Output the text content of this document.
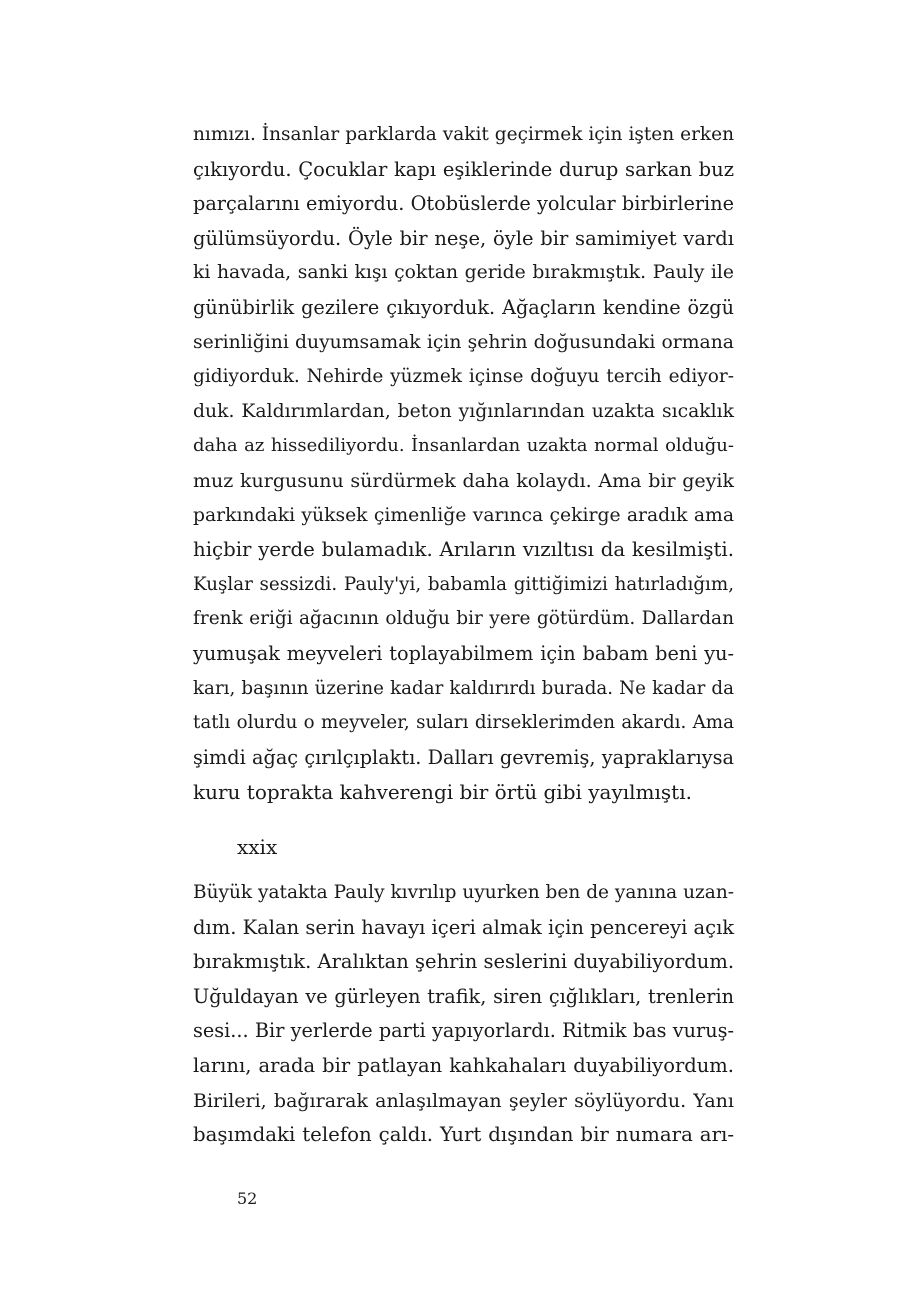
nımızı. İnsanlar parklarda vakit geçirmek için işten erken
çıkıyordu. Çocuklar kapı eşiklerinde durup sarkan buz
parçalarını emiyordu. Otobüslerde yolcular birbirlerine
gülümsüyordu. Öyle bir neşe, öyle bir samimiyet vardı
ki havada, sanki kışı çoktan geride bırakmıştık. Pauly ile
günübirlik gezilere çıkıyorduk. Ağaçların kendine özgü
serinliğini duyumsamak için şehrin doğusundaki ormana
gidiyorduk. Nehirde yüzmek içinse doğuyu tercih ediyor-
duk. Kaldırımlardan, beton yığınlarından uzakta sıcaklık
daha az hissediliyordu. İnsanlardan uzakta normal olduğu-
muz kurgusunu sürdürmek daha kolaydı. Ama bir geyik
parkındaki yüksek çimenliğe varınca çekirge aradık ama
hiçbir yerde bulamadık. Arıların vızıltısı da kesilmişti.
Kuşlar sessizdi. Pauly'yi, babamla gittiğimizi hatırladığım,
frenk eriği ağacının olduğu bir yere götürdüm. Dallardan
yumuşak meyveleri toplayabilmem için babam beni yu-
karı, başının üzerine kadar kaldırırdı burada. Ne kadar da
tatlı olurdu o meyveler, suları dirseklerimden akardı. Ama
şimdi ağaç çırılçıplaktı. Dalları gevremiş, yapraklarıysa
kuru toprakta kahverengi bir örtü gibi yayılmıştı.
xxix
Büyük yatakta Pauly kıvrılıp uyurken ben de yanına uzan-
dım. Kalan serin havayı içeri almak için pencereyi açık
bırakmıştık. Aralıktan şehrin seslerini duyabiliyordum.
Uğuldayan ve gürleyen trafik, siren çığlıkları, trenlerin
sesi... Bir yerlerde parti yapıyorlardı. Ritmik bas vuruş-
larını, arada bir patlayan kahkahaları duyabiliyordum.
Birileri, bağırarak anlaşılmayan şeyler söylüyordu. Yanı
başımdaki telefon çaldı. Yurt dışından bir numara arı-
52
